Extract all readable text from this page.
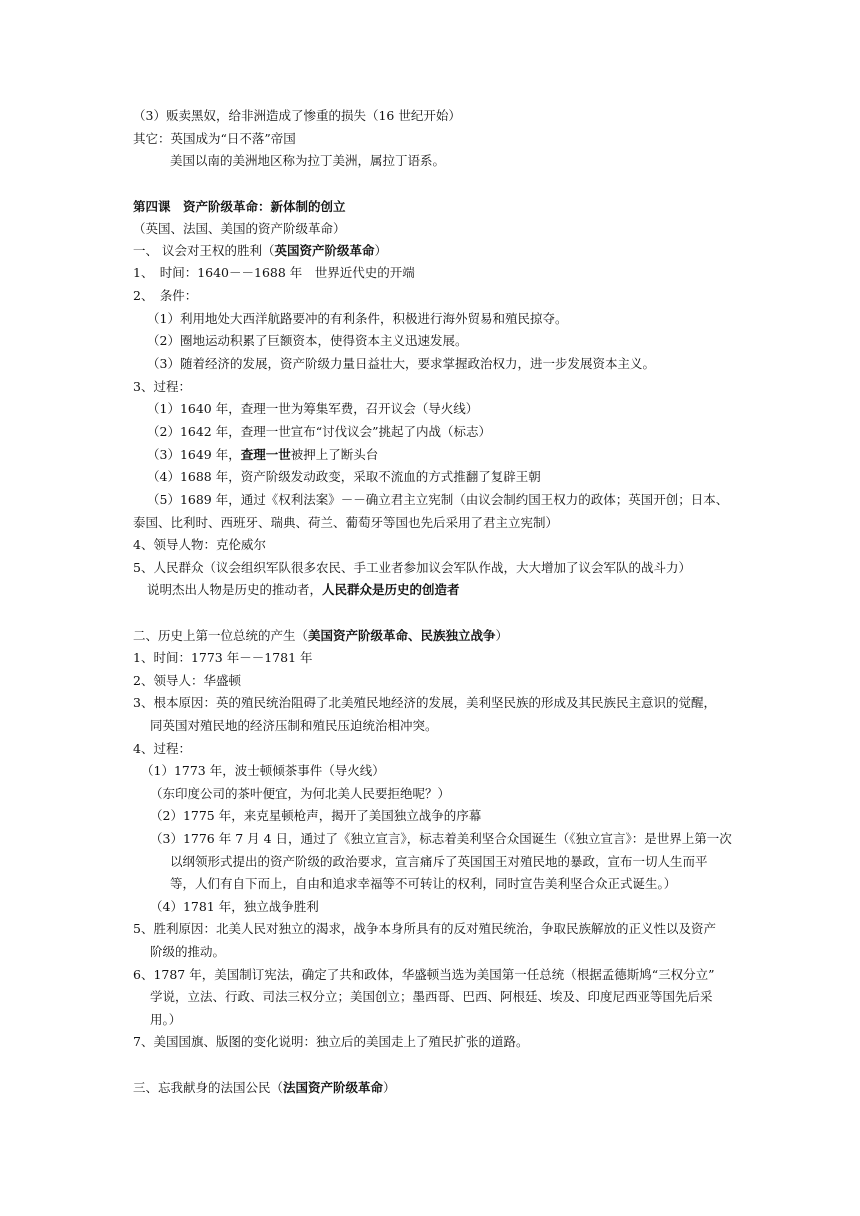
（3）贩卖黑奴，给非洲造成了惨重的损失（16 世纪开始）
其它：英国成为“日不落”帝国
美国以南的美洲地区称为拉丁美洲，属拉丁语系。
第四课　资产阶级革命：新体制的创立
（英国、法国、美国的资产阶级革命）
一、 议会对王权的胜利（英国资产阶级革命）
1、　时间：1640－－1688 年　世界近代史的开端
2、　条件：
（1）利用地处大西洋航路要冲的有利条件，积极进行海外贸易和殖民掠夺。
（2）圈地运动积累了巨额资本，使得资本主义迅速发展。
（3）随着经济的发展，资产阶级力量日益壮大，要求掌握政治权力，进一步发展资本主义。
3、过程：
（1）1640 年，查理一世为筹集军费，召开议会（导火线）
（2）1642 年，查理一世宣布“讨伐议会”挑起了内战（标志）
（3）1649 年，查理一世被押上了断头台
（4）1688 年，资产阶级发动政变，采取不流血的方式推翻了复辟王朝
（5）1689 年，通过《权利法案》－－确立君主立宪制（由议会制约国王权力的政体；英国开创；日本、
泰国、比利时、西班牙、瑞典、荷兰、葡萄牙等国也先后采用了君主立宪制）
4、领导人物：克伦威尔
5、人民群众（议会组织军队很多农民、手工业者参加议会军队作战，大大增加了议会军队的战斗力）
说明杰出人物是历史的推动者，人民群众是历史的创造者
二、历史上第一位总统的产生（美国资产阶级革命、民族独立战争）
1、时间：1773 年－－1781 年
2、领导人：华盛顿
3、根本原因：英的殖民统治阻碍了北美殖民地经济的发展，美利坚民族的形成及其民族民主意识的觉醒，
同英国对殖民地的经济压制和殖民压迫统治相冲突。
4、过程：
（1）1773 年，波士顿倾茶事件（导火线）
（东印度公司的茶叶便宜，为何北美人民要拒绝呢？）
（2）1775 年，来克星顿枪声，揭开了美国独立战争的序幕
（3）1776 年 7 月 4 日，通过了《独立宣言》，标志着美利坚合众国诞生（《独立宣言》：是世界上第一次
以纲领形式提出的资产阶级的政治要求，宣言痛斥了英国国王对殖民地的暴政，宣布一切人生而平
等，人们有自下而上，自由和追求幸福等不可转让的权利，同时宣告美利坚合众正式诞生。）
（4）1781 年，独立战争胜利
5、胜利原因：北美人民对独立的渴求，战争本身所具有的反对殖民统治，争取民族解放的正义性以及资产
阶级的推动。
6、1787 年，美国制订宪法，确定了共和政体，华盛顿当选为美国第一任总统（根据孟德斯鸠“三权分立”
学说，立法、行政、司法三权分立；美国创立；墨西哥、巴西、阿根廷、埃及、印度尼西亚等国先后采
用。）
7、美国国旗、版图的变化说明：独立后的美国走上了殖民扩张的道路。
三、忘我献身的法国公民（法国资产阶级革命）
